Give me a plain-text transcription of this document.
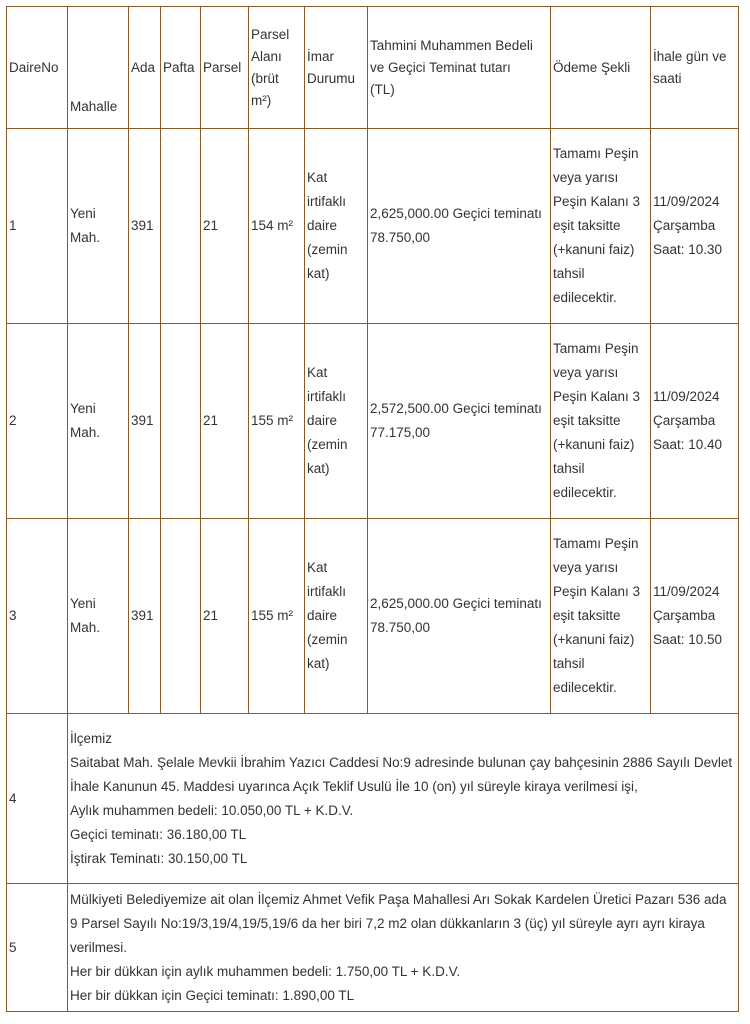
DaireNo	Mahalle	Ada	Pafta	Parsel	Parsel Alanı (brüt m²)	İmar Durumu	Tahmini Muhammen Bedeli ve Geçici Teminat tutarı
(TL)	Ödeme Şekli	İhale gün ve saati
1	Yeni Mah.	391		21	154 m²	Kat irtifaklı daire (zemin kat)	2,625,000.00 Geçici teminatı
78.750,00	Tamamı Peşin veya yarısı Peşin Kalanı 3 eşit taksitte (+kanuni faiz) tahsil edilecektir.	11/09/2024
Çarşamba
Saat: 10.30

2	Yeni Mah.	391		21	155 m²	Kat irtifaklı daire (zemin kat)	2,572,500.00 Geçici teminatı
77.175,00	Tamamı Peşin veya yarısı Peşin Kalanı 3 eşit taksitte (+kanuni faiz) tahsil edilecektir.	11/09/2024
Çarşamba
Saat: 10.40

3	Yeni Mah.	391		21	155 m²	Kat irtifaklı daire (zemin kat)	2,625,000.00 Geçici teminatı
78.750,00	Tamamı Peşin veya yarısı Peşin Kalanı 3 eşit taksitte (+kanuni faiz) tahsil edilecektir.	11/09/2024
Çarşamba
Saat: 10.50

4	İlçemiz
Saitabat Mah. Şelale Mevkii İbrahim Yazıcı Caddesi No:9 adresinde bulunan çay bahçesinin 2886 Sayılı Devlet İhale Kanunun 45. Maddesi uyarınca Açık Teklif Usulü İle 10 (on) yıl süreyle kiraya verilmesi işi,
Aylık muhammen bedeli: 10.050,00 TL + K.D.V.
Geçici teminatı: 36.180,00 TL
İştirak Teminatı: 30.150,00 TL								

5	Mülkiyeti Belediyemize ait olan İlçemiz Ahmet Vefik Paşa Mahallesi Arı Sokak Kardelen Üretici Pazarı 536 ada 9 Parsel Sayılı No:19/3,19/4,19/5,19/6 da her biri 7,2 m2 olan dükkanların 3 (üç) yıl süreyle ayrı ayrı kiraya verilmesi.
Her bir dükkan için aylık muhammen bedeli: 1.750,00 TL + K.D.V.
Her bir dükkan için Geçici teminatı: 1.890,00 TL								
